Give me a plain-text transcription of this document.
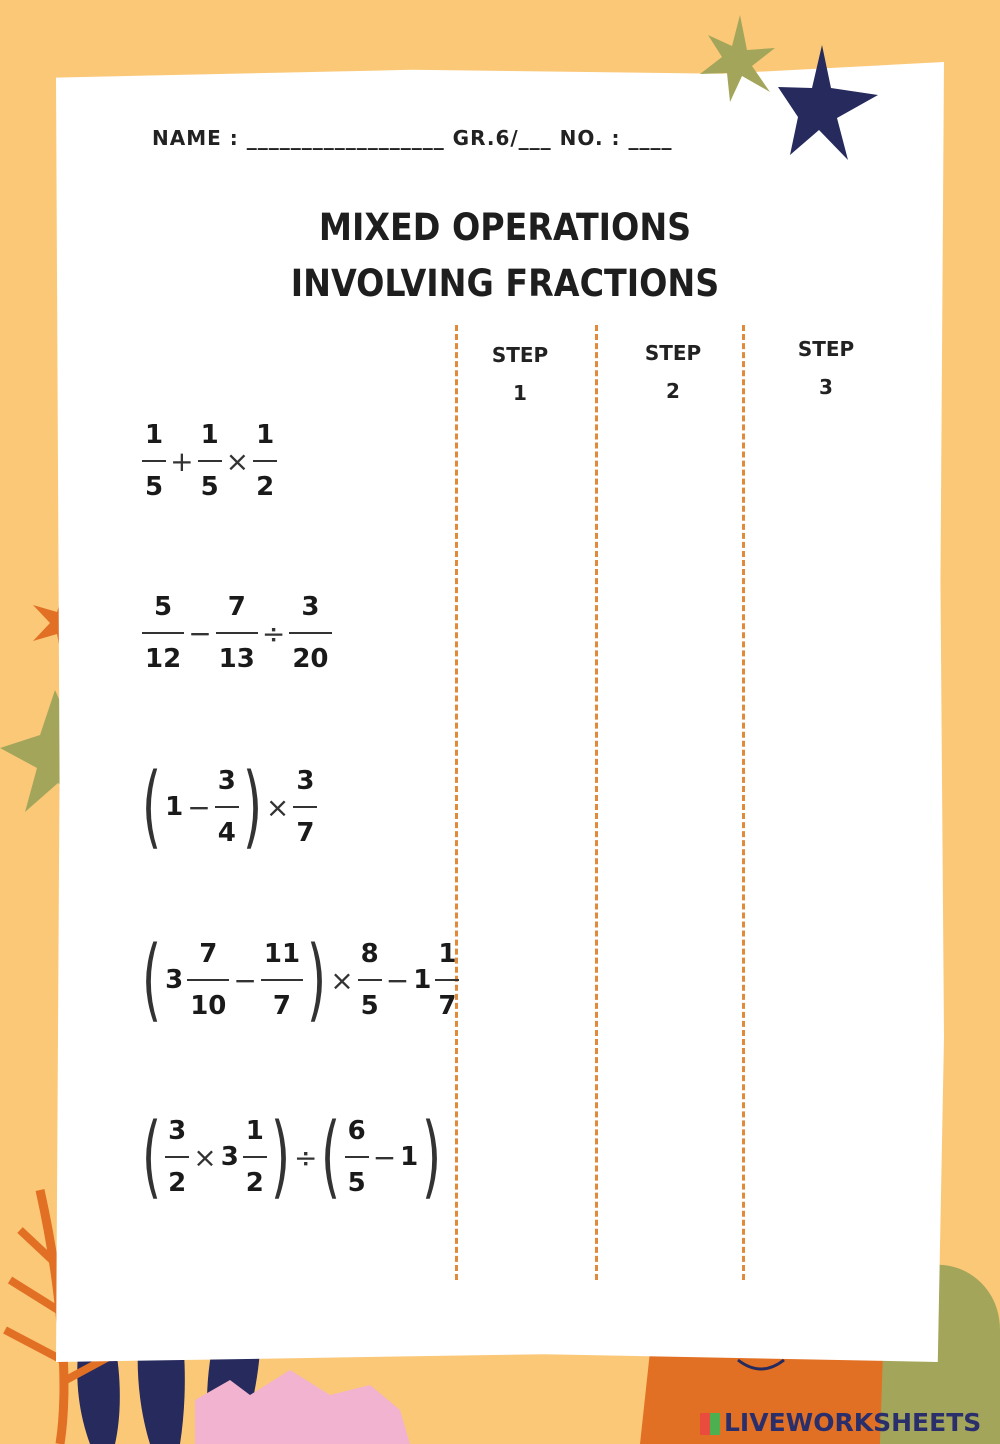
NAME : __________________ GR.6/___ NO. : ____
MIXED OPERATIONS
INVOLVING FRACTIONS
STEP
1
STEP
2
STEP
3
$\frac{1}{5} + \frac{1}{5} \times \frac{1}{2}$
$\frac{5}{12} - \frac{7}{13} \div \frac{3}{20}$
( $1 - \frac{3}{4}$ ) × $\frac{3}{7}$
( $3 \frac{7}{10} - \frac{11}{7}$ ) × $\frac{8}{5} - 1 \frac{1}{7}$
( $\frac{3}{2} \times 3 \frac{1}{2}$ ) ÷ ( $\frac{6}{5} - 1$ )
LIVEWORKSHEETS
